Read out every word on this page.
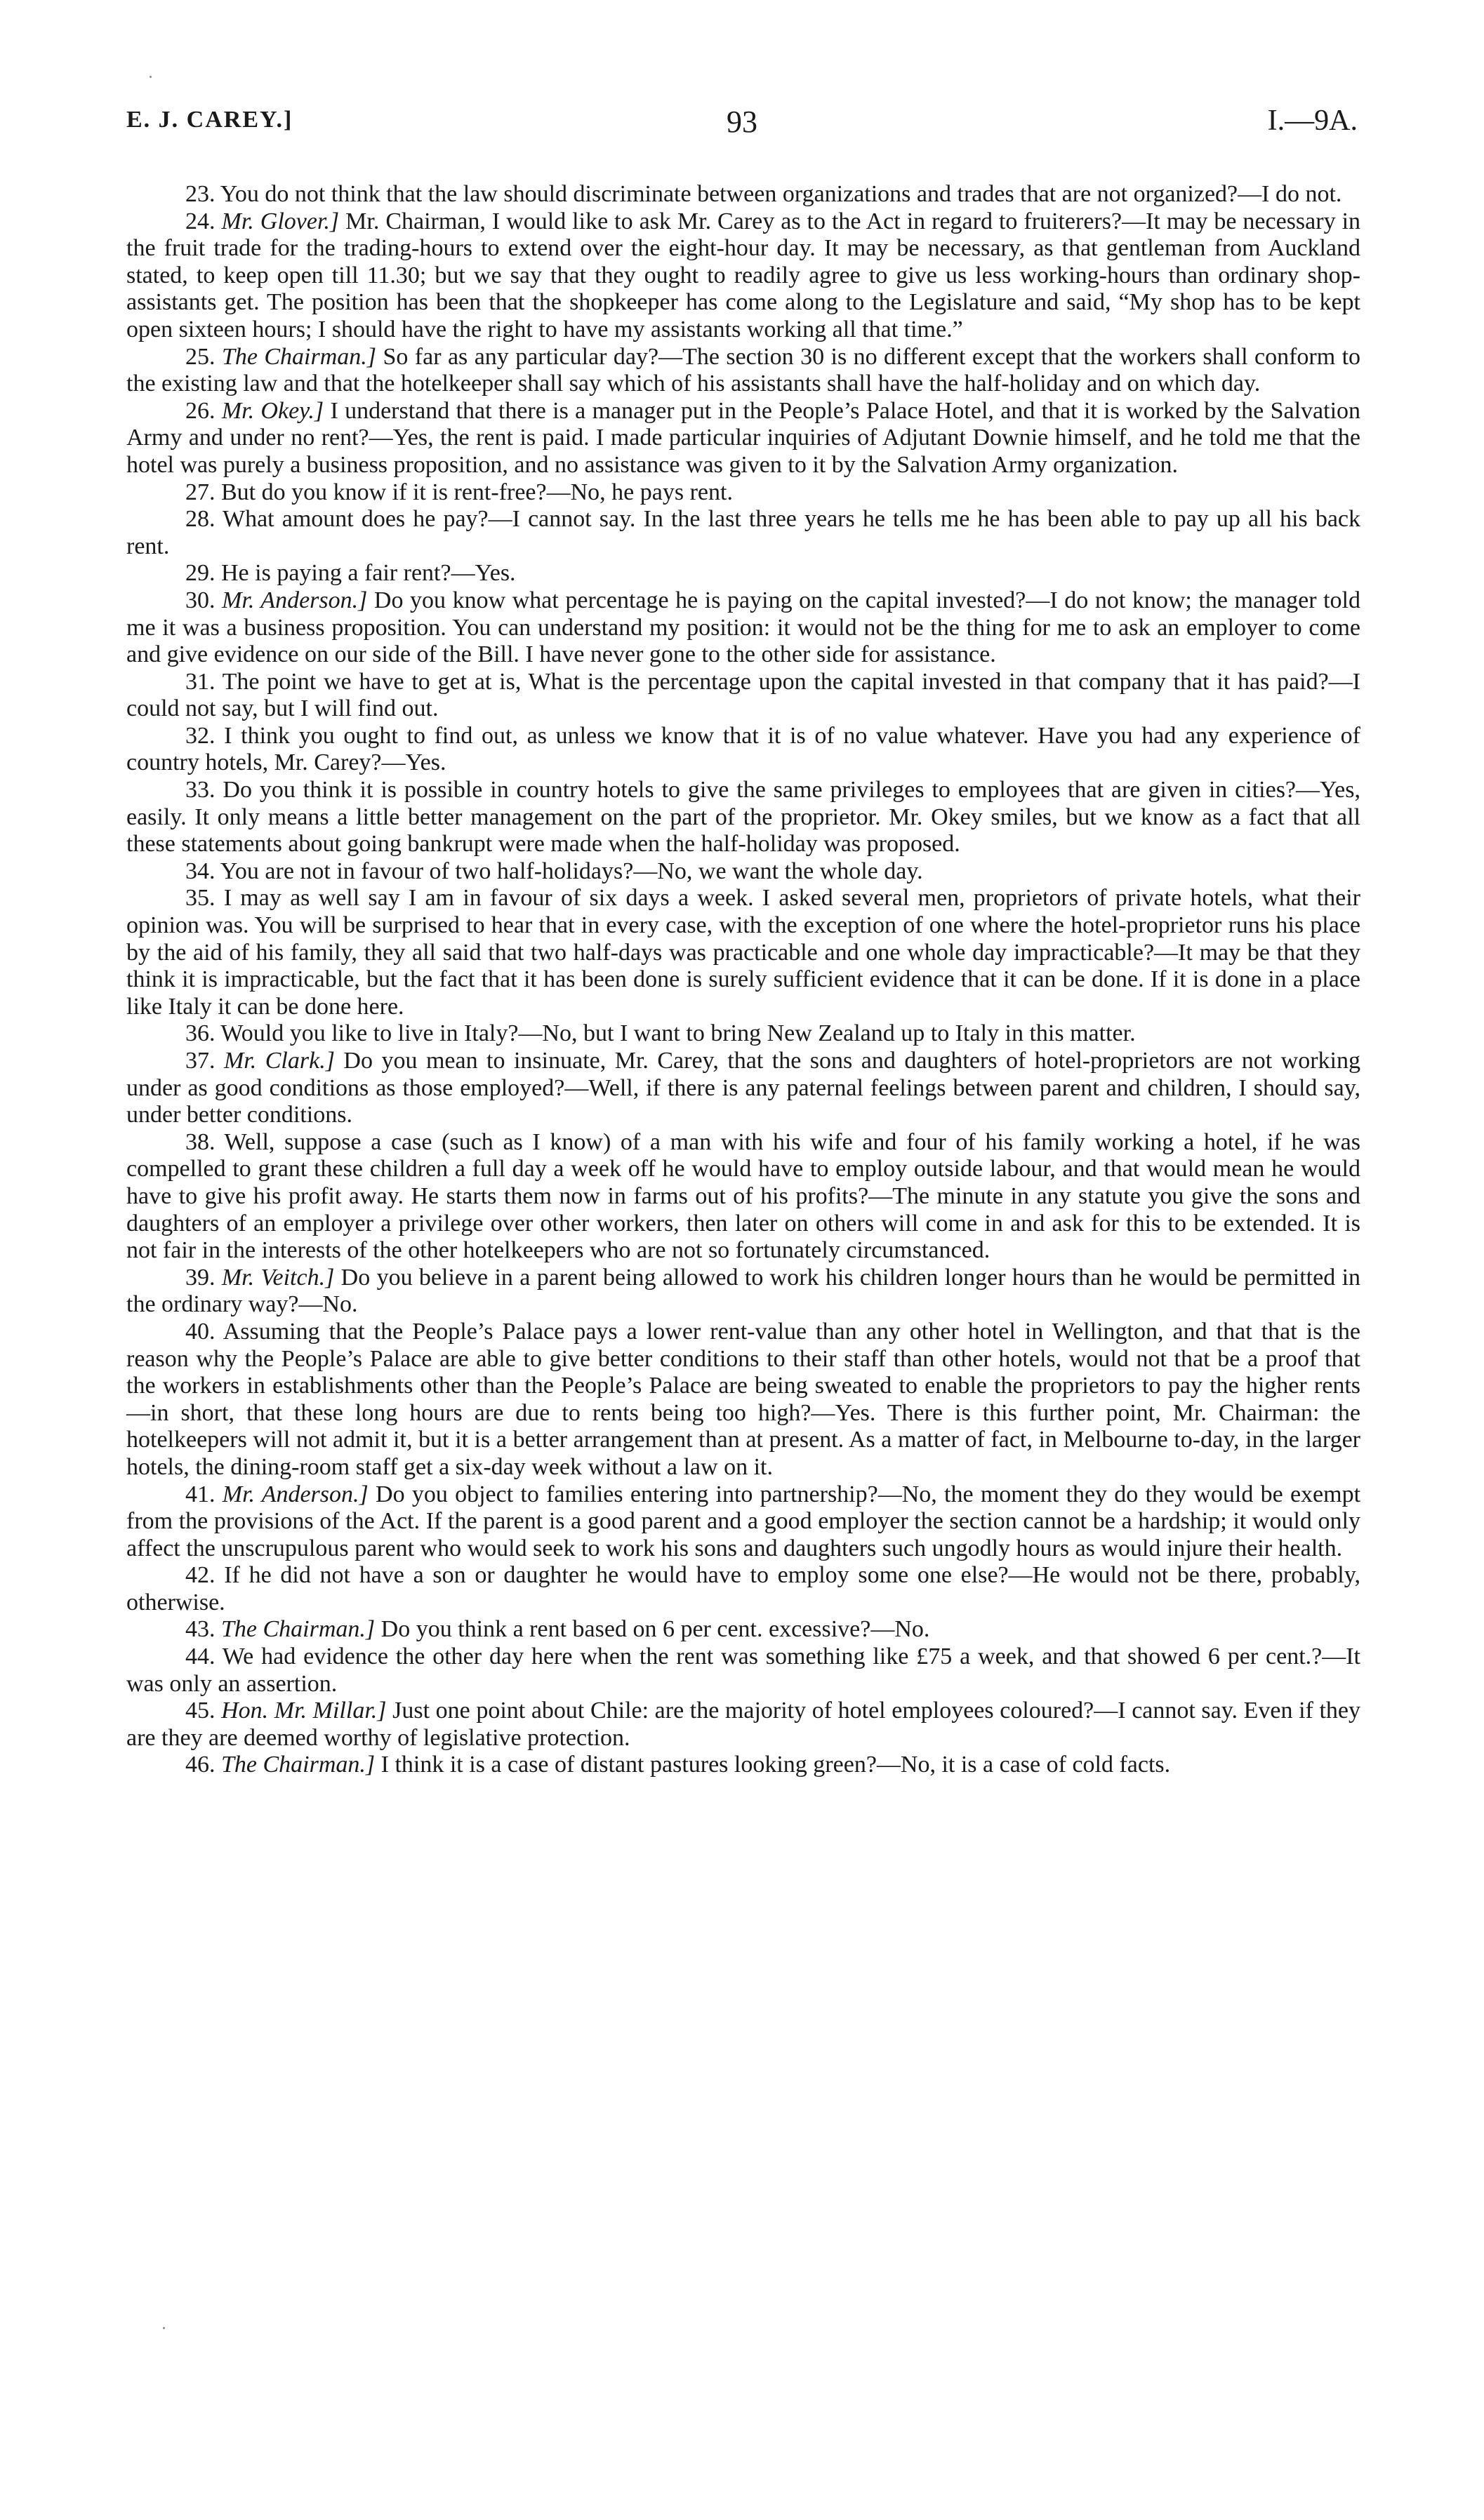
E. J. CAREY.]	93	I.—9A.

23. You do not think that the law should discriminate between organizations and trades that are not organized?—I do not.

24. Mr. Glover.] Mr. Chairman, I would like to ask Mr. Carey as to the Act in regard to fruiterers?—It may be necessary in the fruit trade for the trading-hours to extend over the eight-hour day. It may be necessary, as that gentleman from Auckland stated, to keep open till 11.30; but we say that they ought to readily agree to give us less working-hours than ordinary shop-assistants get. The position has been that the shopkeeper has come along to the Legislature and said, “My shop has to be kept open sixteen hours; I should have the right to have my assistants working all that time.”

25. The Chairman.] So far as any particular day?—The section 30 is no different except that the workers shall conform to the existing law and that the hotelkeeper shall say which of his assistants shall have the half-holiday and on which day.

26. Mr. Okey.] I understand that there is a manager put in the People’s Palace Hotel, and that it is worked by the Salvation Army and under no rent?—Yes, the rent is paid. I made particular inquiries of Adjutant Downie himself, and he told me that the hotel was purely a business proposition, and no assistance was given to it by the Salvation Army organization.

27. But do you know if it is rent-free?—No, he pays rent.

28. What amount does he pay?—I cannot say. In the last three years he tells me he has been able to pay up all his back rent.

29. He is paying a fair rent?—Yes.

30. Mr. Anderson.] Do you know what percentage he is paying on the capital invested?—I do not know; the manager told me it was a business proposition. You can understand my position: it would not be the thing for me to ask an employer to come and give evidence on our side of the Bill. I have never gone to the other side for assistance.

31. The point we have to get at is, What is the percentage upon the capital invested in that company that it has paid?—I could not say, but I will find out.

32. I think you ought to find out, as unless we know that it is of no value whatever. Have you had any experience of country hotels, Mr. Carey?—Yes.

33. Do you think it is possible in country hotels to give the same privileges to employees that are given in cities?—Yes, easily. It only means a little better management on the part of the proprietor. Mr. Okey smiles, but we know as a fact that all these statements about going bankrupt were made when the half-holiday was proposed.

34. You are not in favour of two half-holidays?—No, we want the whole day.

35. I may as well say I am in favour of six days a week. I asked several men, proprietors of private hotels, what their opinion was. You will be surprised to hear that in every case, with the exception of one where the hotel-proprietor runs his place by the aid of his family, they all said that two half-days was practicable and one whole day impracticable?—It may be that they think it is impracticable, but the fact that it has been done is surely sufficient evidence that it can be done. If it is done in a place like Italy it can be done here.

36. Would you like to live in Italy?—No, but I want to bring New Zealand up to Italy in this matter.

37. Mr. Clark.] Do you mean to insinuate, Mr. Carey, that the sons and daughters of hotel-proprietors are not working under as good conditions as those employed?—Well, if there is any paternal feelings between parent and children, I should say, under better conditions.

38. Well, suppose a case (such as I know) of a man with his wife and four of his family working a hotel, if he was compelled to grant these children a full day a week off he would have to employ outside labour, and that would mean he would have to give his profit away. He starts them now in farms out of his profits?—The minute in any statute you give the sons and daughters of an employer a privilege over other workers, then later on others will come in and ask for this to be extended. It is not fair in the interests of the other hotelkeepers who are not so fortunately circumstanced.

39. Mr. Veitch.] Do you believe in a parent being allowed to work his children longer hours than he would be permitted in the ordinary way?—No.

40. Assuming that the People’s Palace pays a lower rent-value than any other hotel in Wellington, and that that is the reason why the People’s Palace are able to give better conditions to their staff than other hotels, would not that be a proof that the workers in establishments other than the People’s Palace are being sweated to enable the proprietors to pay the higher rents—in short, that these long hours are due to rents being too high?—Yes. There is this further point, Mr. Chairman: the hotelkeepers will not admit it, but it is a better arrangement than at present. As a matter of fact, in Melbourne to-day, in the larger hotels, the dining-room staff get a six-day week without a law on it.

41. Mr. Anderson.] Do you object to families entering into partnership?—No, the moment they do they would be exempt from the provisions of the Act. If the parent is a good parent and a good employer the section cannot be a hardship; it would only affect the unscrupulous parent who would seek to work his sons and daughters such ungodly hours as would injure their health.

42. If he did not have a son or daughter he would have to employ some one else?—He would not be there, probably, otherwise.

43. The Chairman.] Do you think a rent based on 6 per cent. excessive?—No.

44. We had evidence the other day here when the rent was something like £75 a week, and that showed 6 per cent.?—It was only an assertion.

45. Hon. Mr. Millar.] Just one point about Chile: are the majority of hotel employees coloured?—I cannot say. Even if they are they are deemed worthy of legislative protection.

46. The Chairman.] I think it is a case of distant pastures looking green?—No, it is a case of cold facts.
